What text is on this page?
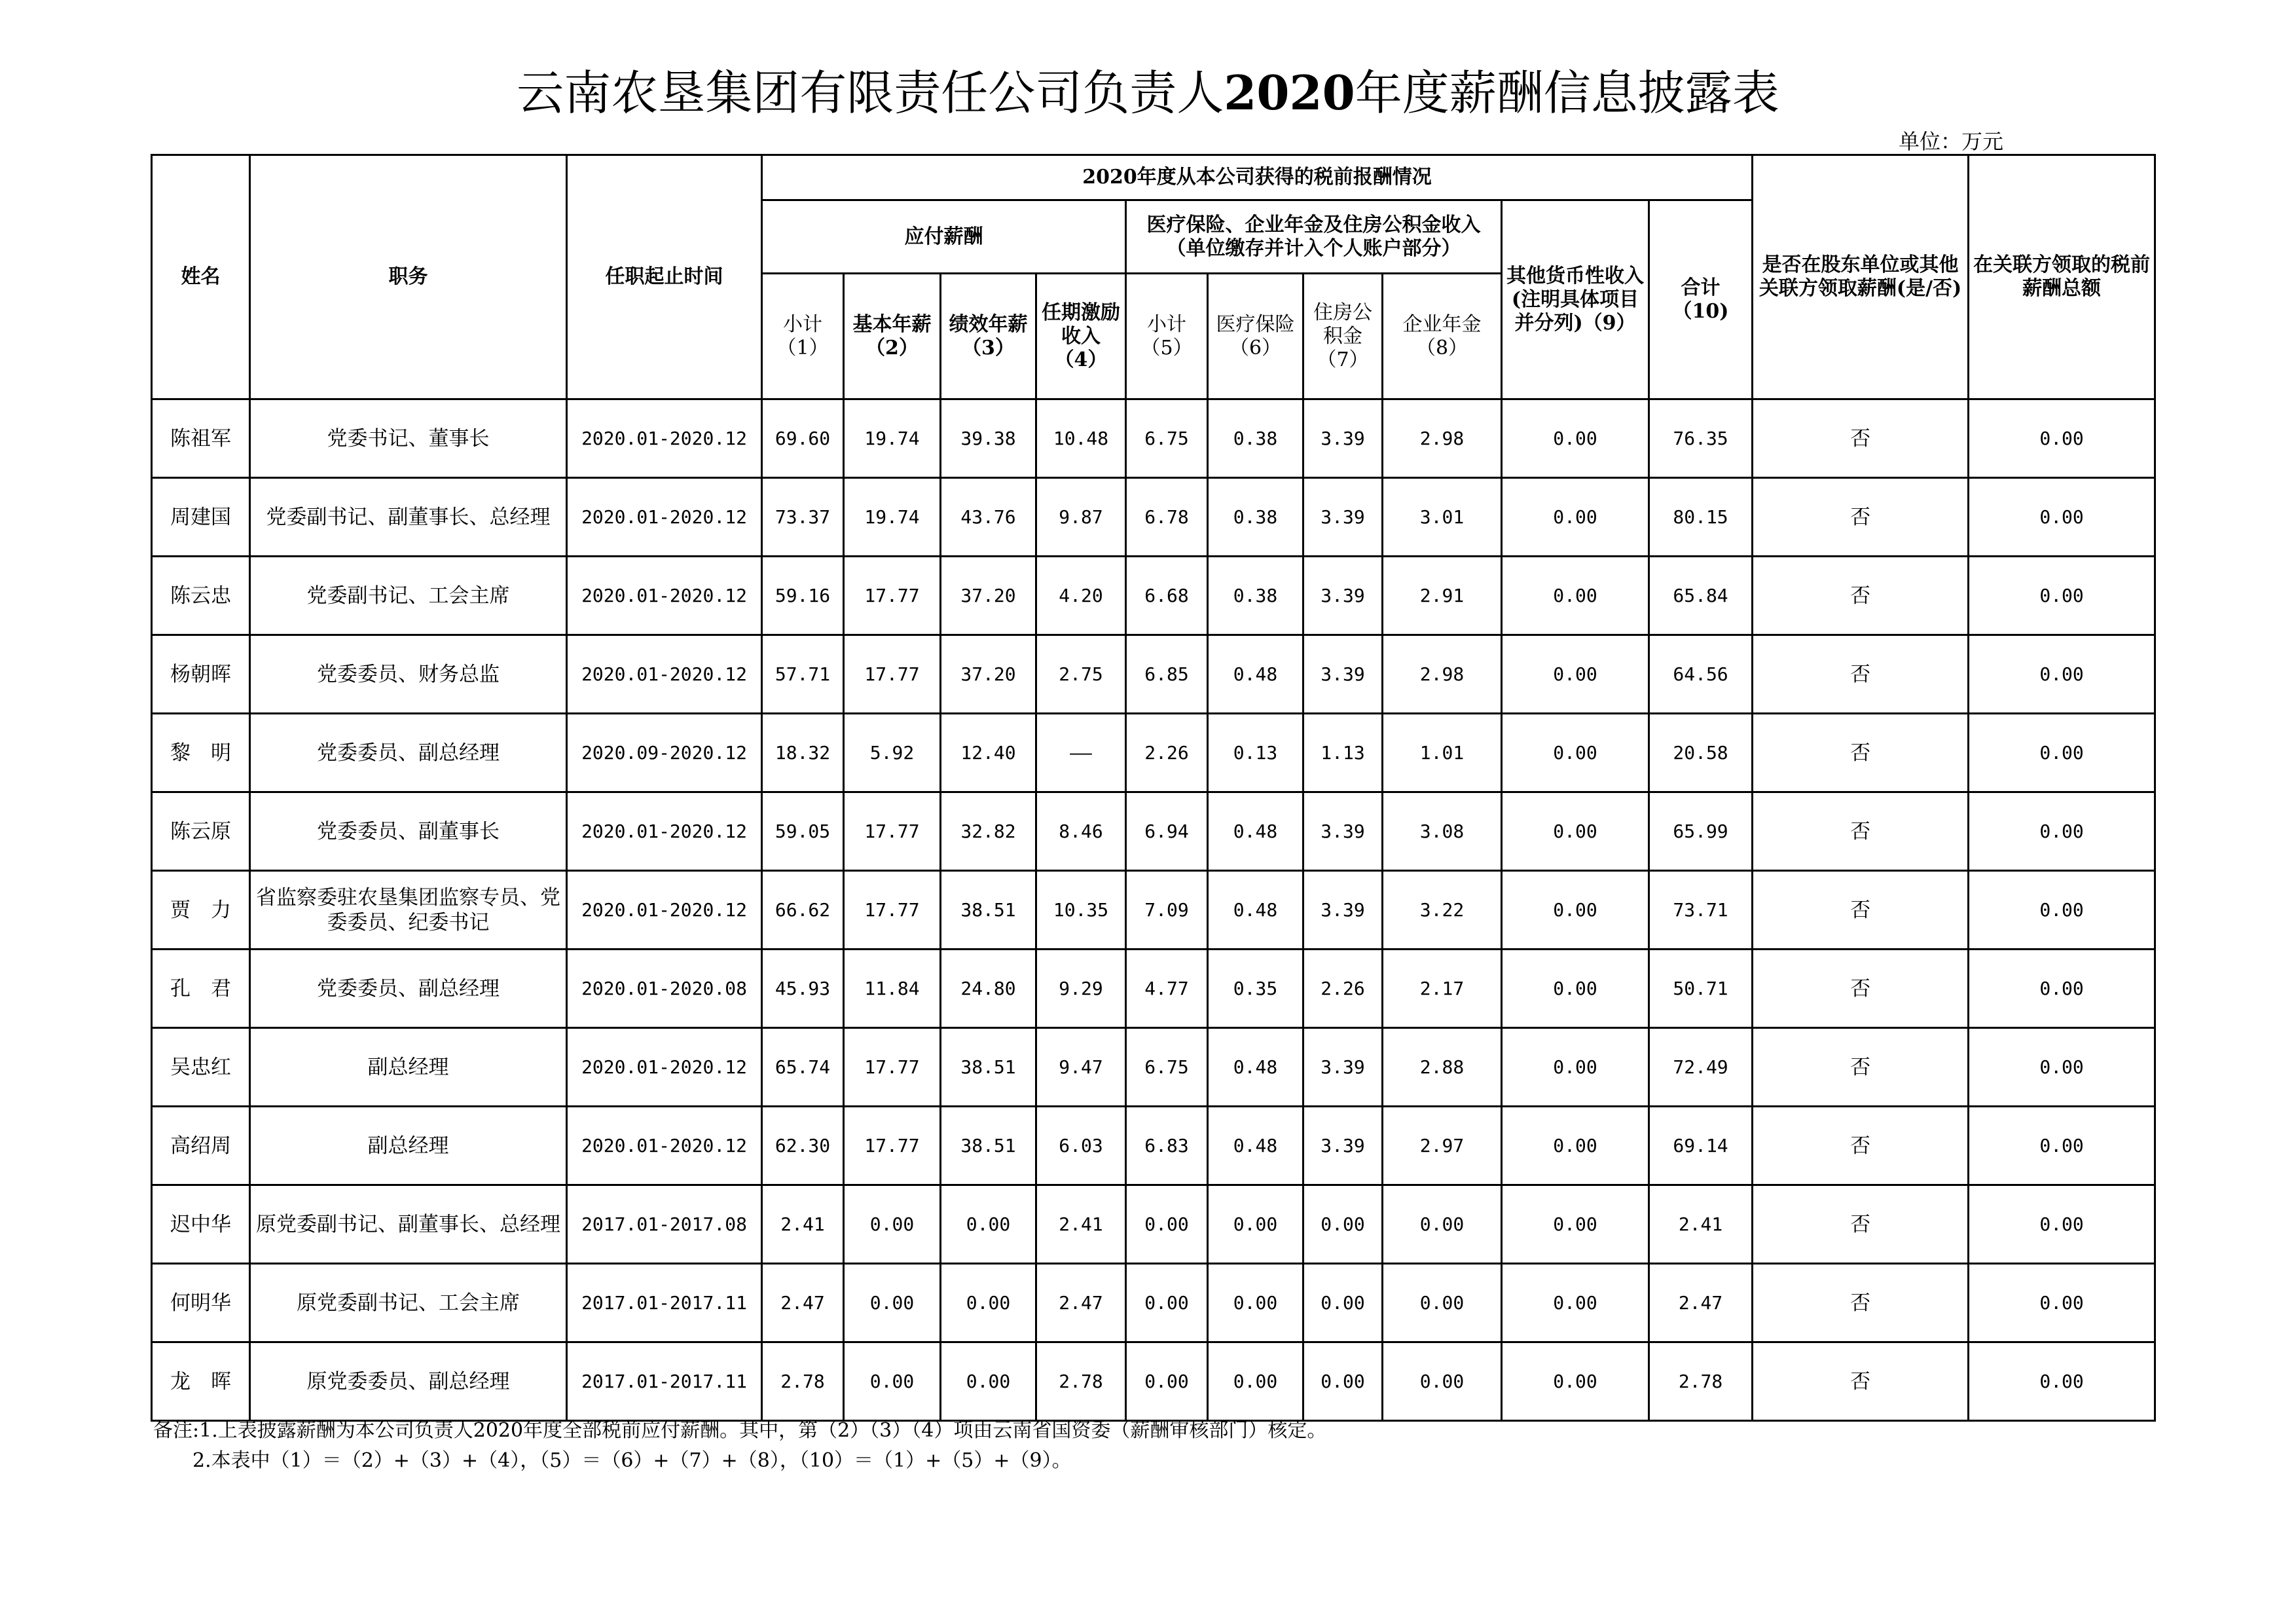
云南农垦集团有限责任公司负责人2020年度薪酬信息披露表
单位：万元
姓名	职务	任职起止时间	2020年度从本公司获得的税前报酬情况										是否在股东单位或其他关联方领取薪酬(是/否)	在关联方领取的税前薪酬总额
			应付薪酬				医疗保险、企业年金及住房公积金收入（单位缴存并计入个人账户部分）				其他货币性收入(注明具体项目并分列)（9）	合计（10)		
			小计（1）	基本年薪（2）	绩效年薪（3）	任期激励收入（4）	小计（5）	医疗保险（6）	住房公积金（7）	企业年金（8）				
陈祖军	党委书记、董事长	2020.01-2020.12	69.60	19.74	39.38	10.48	6.75	0.38	3.39	2.98	0.00	76.35	否	0.00
周建国	党委副书记、副董事长、总经理	2020.01-2020.12	73.37	19.74	43.76	9.87	6.78	0.38	3.39	3.01	0.00	80.15	否	0.00
陈云忠	党委副书记、工会主席	2020.01-2020.12	59.16	17.77	37.20	4.20	6.68	0.38	3.39	2.91	0.00	65.84	否	0.00
杨朝晖	党委委员、财务总监	2020.01-2020.12	57.71	17.77	37.20	2.75	6.85	0.48	3.39	2.98	0.00	64.56	否	0.00
黎　明	党委委员、副总经理	2020.09-2020.12	18.32	5.92	12.40	——	2.26	0.13	1.13	1.01	0.00	20.58	否	0.00
陈云原	党委委员、副董事长	2020.01-2020.12	59.05	17.77	32.82	8.46	6.94	0.48	3.39	3.08	0.00	65.99	否	0.00
贾　力	省监察委驻农垦集团监察专员、党委委员、纪委书记	2020.01-2020.12	66.62	17.77	38.51	10.35	7.09	0.48	3.39	3.22	0.00	73.71	否	0.00
孔　君	党委委员、副总经理	2020.01-2020.08	45.93	11.84	24.80	9.29	4.77	0.35	2.26	2.17	0.00	50.71	否	0.00
吴忠红	副总经理	2020.01-2020.12	65.74	17.77	38.51	9.47	6.75	0.48	3.39	2.88	0.00	72.49	否	0.00
高绍周	副总经理	2020.01-2020.12	62.30	17.77	38.51	6.03	6.83	0.48	3.39	2.97	0.00	69.14	否	0.00
迟中华	原党委副书记、副董事长、总经理	2017.01-2017.08	2.41	0.00	0.00	2.41	0.00	0.00	0.00	0.00	0.00	2.41	否	0.00
何明华	原党委副书记、工会主席	2017.01-2017.11	2.47	0.00	0.00	2.47	0.00	0.00	0.00	0.00	0.00	2.47	否	0.00
龙　晖	原党委委员、副总经理	2017.01-2017.11	2.78	0.00	0.00	2.78	0.00	0.00	0.00	0.00	0.00	2.78	否	0.00
备注:1.上表披露薪酬为本公司负责人2020年度全部税前应付薪酬。其中，第（2）（3）（4）项由云南省国资委（薪酬审核部门）核定。
2.本表中（1）＝（2）+（3）+（4），（5）＝（6）+（7）+（8），（10）＝（1）+（5）+（9）。
